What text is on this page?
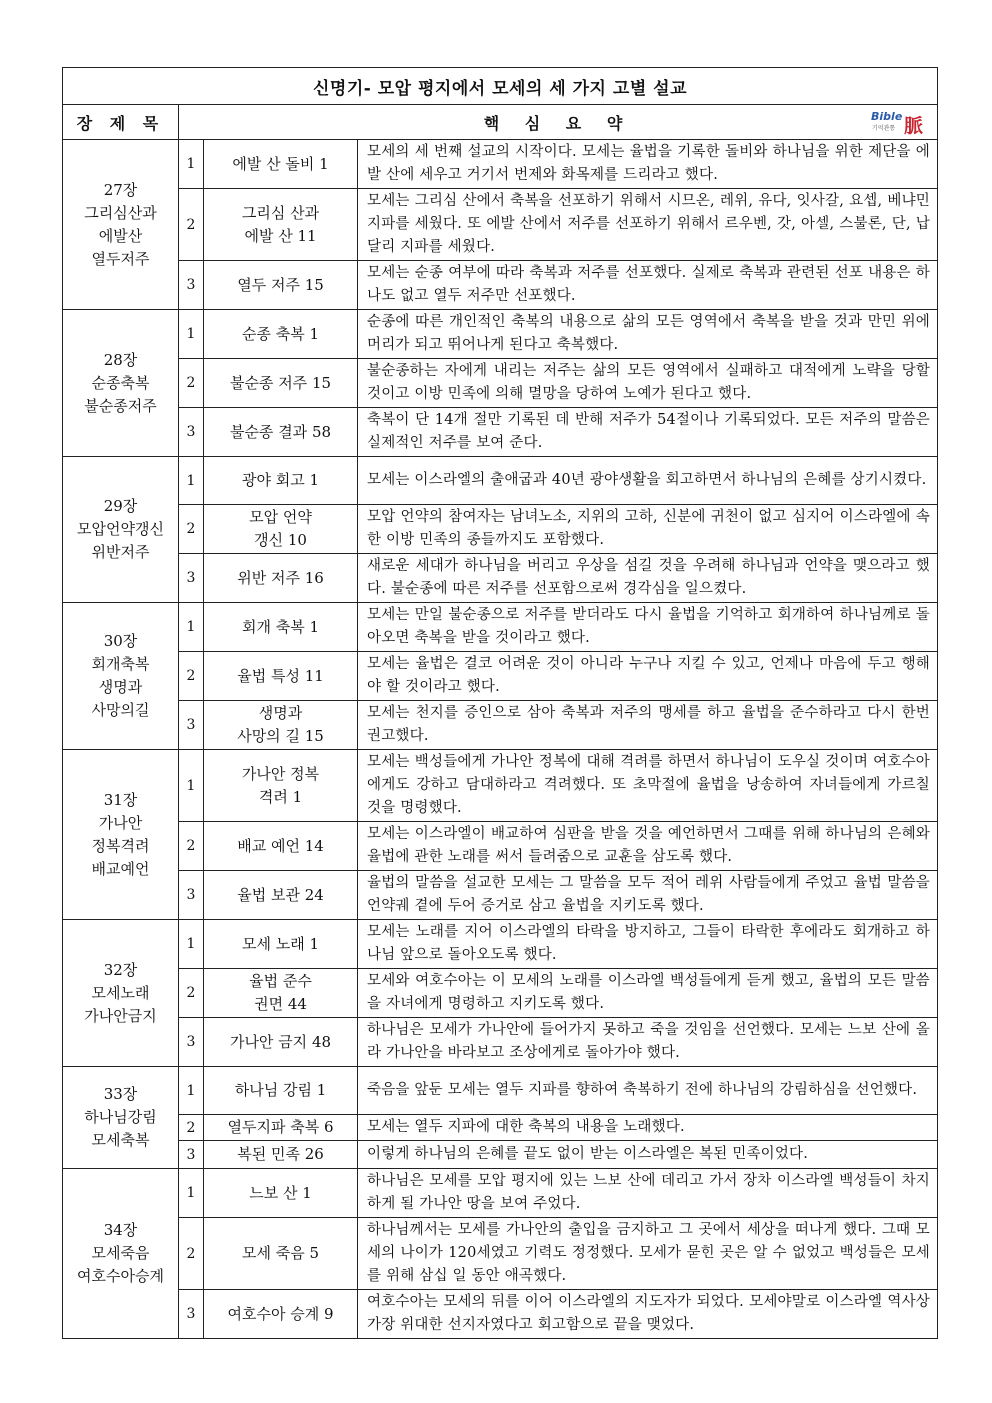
신명기- 모압 평지에서 모세의 세 가지 고별 설교			
장 제 목	핵 심 요 약 Bible
기억관통 脈		

27장
그리심산과
에발산
열두저주	1	에발 산 돌비 1	모세의 세 번째 설교의 시작이다. 모세는 율법을 기록한 돌비와 하나님을 위한 제단을 에발 산에 세우고 거기서 번제와 화목제를 드리라고 했다.
	2	그리심 산과
에발 산 11	모세는 그리심 산에서 축복을 선포하기 위해서 시므온, 레위, 유다, 잇사갈, 요셉, 베냐민 지파를 세웠다. 또 에발 산에서 저주를 선포하기 위해서 르우벤, 갓, 아셀, 스불론, 단, 납달리 지파를 세웠다.
	3	열두 저주 15	모세는 순종 여부에 따라 축복과 저주를 선포했다. 실제로 축복과 관련된 선포 내용은 하나도 없고 열두 저주만 선포했다.
28장
순종축복
불순종저주	1	순종 축복 1	순종에 따른 개인적인 축복의 내용으로 삶의 모든 영역에서 축복을 받을 것과 만민 위에 머리가 되고 뛰어나게 된다고 축복했다.
	2	불순종 저주 15	불순종하는 자에게 내리는 저주는 삶의 모든 영역에서 실패하고 대적에게 노략을 당할 것이고 이방 민족에 의해 멸망을 당하여 노예가 된다고 했다.
	3	불순종 결과 58	축복이 단 14개 절만 기록된 데 반해 저주가 54절이나 기록되었다. 모든 저주의 말씀은 실제적인 저주를 보여 준다.
29장
모압언약갱신
위반저주	1	광야 회고 1	모세는 이스라엘의 출애굽과 40년 광야생활을 회고하면서 하나님의 은혜를 상기시켰다.
	2	모압 언약
갱신 10	모압 언약의 참여자는 남녀노소, 지위의 고하, 신분에 귀천이 없고 심지어 이스라엘에 속한 이방 민족의 종들까지도 포함했다.
	3	위반 저주 16	새로운 세대가 하나님을 버리고 우상을 섬길 것을 우려해 하나님과 언약을 맺으라고 했다. 불순종에 따른 저주를 선포함으로써 경각심을 일으켰다.
30장
회개축복
생명과
사망의길	1	회개 축복 1	모세는 만일 불순종으로 저주를 받더라도 다시 율법을 기억하고 회개하여 하나님께로 돌아오면 축복을 받을 것이라고 했다.
	2	율법 특성 11	모세는 율법은 결코 어려운 것이 아니라 누구나 지킬 수 있고, 언제나 마음에 두고 행해야 할 것이라고 했다.
	3	생명과
사망의 길 15	모세는 천지를 증인으로 삼아 축복과 저주의 맹세를 하고 율법을 준수하라고 다시 한번 권고했다.
31장
가나안
정복격려
배교예언	1	가나안 정복
격려 1	모세는 백성들에게 가나안 정복에 대해 격려를 하면서 하나님이 도우실 것이며 여호수아에게도 강하고 담대하라고 격려했다. 또 초막절에 율법을 낭송하여 자녀들에게 가르칠 것을 명령했다.
	2	배교 예언 14	모세는 이스라엘이 배교하여 심판을 받을 것을 예언하면서 그때를 위해 하나님의 은혜와 율법에 관한 노래를 써서 들려줌으로 교훈을 삼도록 했다.
	3	율법 보관 24	율법의 말씀을 설교한 모세는 그 말씀을 모두 적어 레위 사람들에게 주었고 율법 말씀을 언약궤 곁에 두어 증거로 삼고 율법을 지키도록 했다.
32장
모세노래
가나안금지	1	모세 노래 1	모세는 노래를 지어 이스라엘의 타락을 방지하고, 그들이 타락한 후에라도 회개하고 하나님 앞으로 돌아오도록 했다.
	2	율법 준수
권면 44	모세와 여호수아는 이 모세의 노래를 이스라엘 백성들에게 듣게 했고, 율법의 모든 말씀을 자녀에게 명령하고 지키도록 했다.
	3	가나안 금지 48	하나님은 모세가 가나안에 들어가지 못하고 죽을 것임을 선언했다. 모세는 느보 산에 올라 가나안을 바라보고 조상에게로 돌아가야 했다.
33장
하나님강림
모세축복	1	하나님 강림 1	죽음을 앞둔 모세는 열두 지파를 향하여 축복하기 전에 하나님의 강림하심을 선언했다.
	2	열두지파 축복 6	모세는 열두 지파에 대한 축복의 내용을 노래했다.
	3	복된 민족 26	이렇게 하나님의 은혜를 끝도 없이 받는 이스라엘은 복된 민족이었다.
34장
모세죽음
여호수아승계	1	느보 산 1	하나님은 모세를 모압 평지에 있는 느보 산에 데리고 가서 장차 이스라엘 백성들이 차지하게 될 가나안 땅을 보여 주었다.
	2	모세 죽음 5	하나님께서는 모세를 가나안의 출입을 금지하고 그 곳에서 세상을 떠나게 했다. 그때 모세의 나이가 120세였고 기력도 정정했다. 모세가 묻힌 곳은 알 수 없었고 백성들은 모세를 위해 삼십 일 동안 애곡했다.
	3	여호수아 승계 9	여호수아는 모세의 뒤를 이어 이스라엘의 지도자가 되었다. 모세야말로 이스라엘 역사상 가장 위대한 선지자였다고 회고함으로 끝을 맺었다.
